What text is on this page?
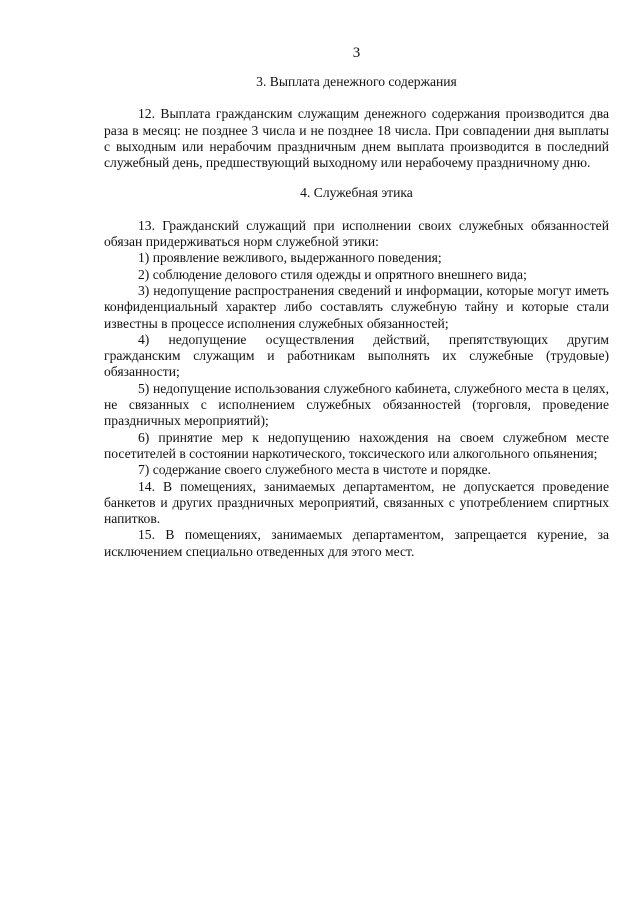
3
3. Выплата денежного содержания

12. Выплата гражданским служащим денежного содержания производится два раза в месяц: не позднее 3 числа и не позднее 18 числа. При совпадении дня выплаты с выходным или нерабочим праздничным днем выплата производится в последний служебный день, предшествующий выходному или нерабочему праздничному дню.

4. Служебная этика

13. Гражданский служащий при исполнении своих служебных обязанностей обязан придерживаться норм служебной этики:

1) проявление вежливого, выдержанного поведения;

2) соблюдение делового стиля одежды и опрятного внешнего вида;

3) недопущение распространения сведений и информации, которые могут иметь конфиденциальный характер либо составлять служебную тайну и которые стали известны в процессе исполнения служебных обязанностей;

4) недопущение осуществления действий, препятствующих другим гражданским служащим и работникам выполнять их служебные (трудовые) обязанности;

5) недопущение использования служебного кабинета, служебного места в целях, не связанных с исполнением служебных обязанностей (торговля, проведение праздничных мероприятий);

6) принятие мер к недопущению нахождения на своем служебном месте посетителей в состоянии наркотического, токсического или алкогольного опьянения;

7) содержание своего служебного места в чистоте и порядке.

14. В помещениях, занимаемых департаментом, не допускается проведение банкетов и других праздничных мероприятий, связанных с употреблением спиртных напитков.

15. В помещениях, занимаемых департаментом, запрещается курение, за исключением специально отведенных для этого мест.
